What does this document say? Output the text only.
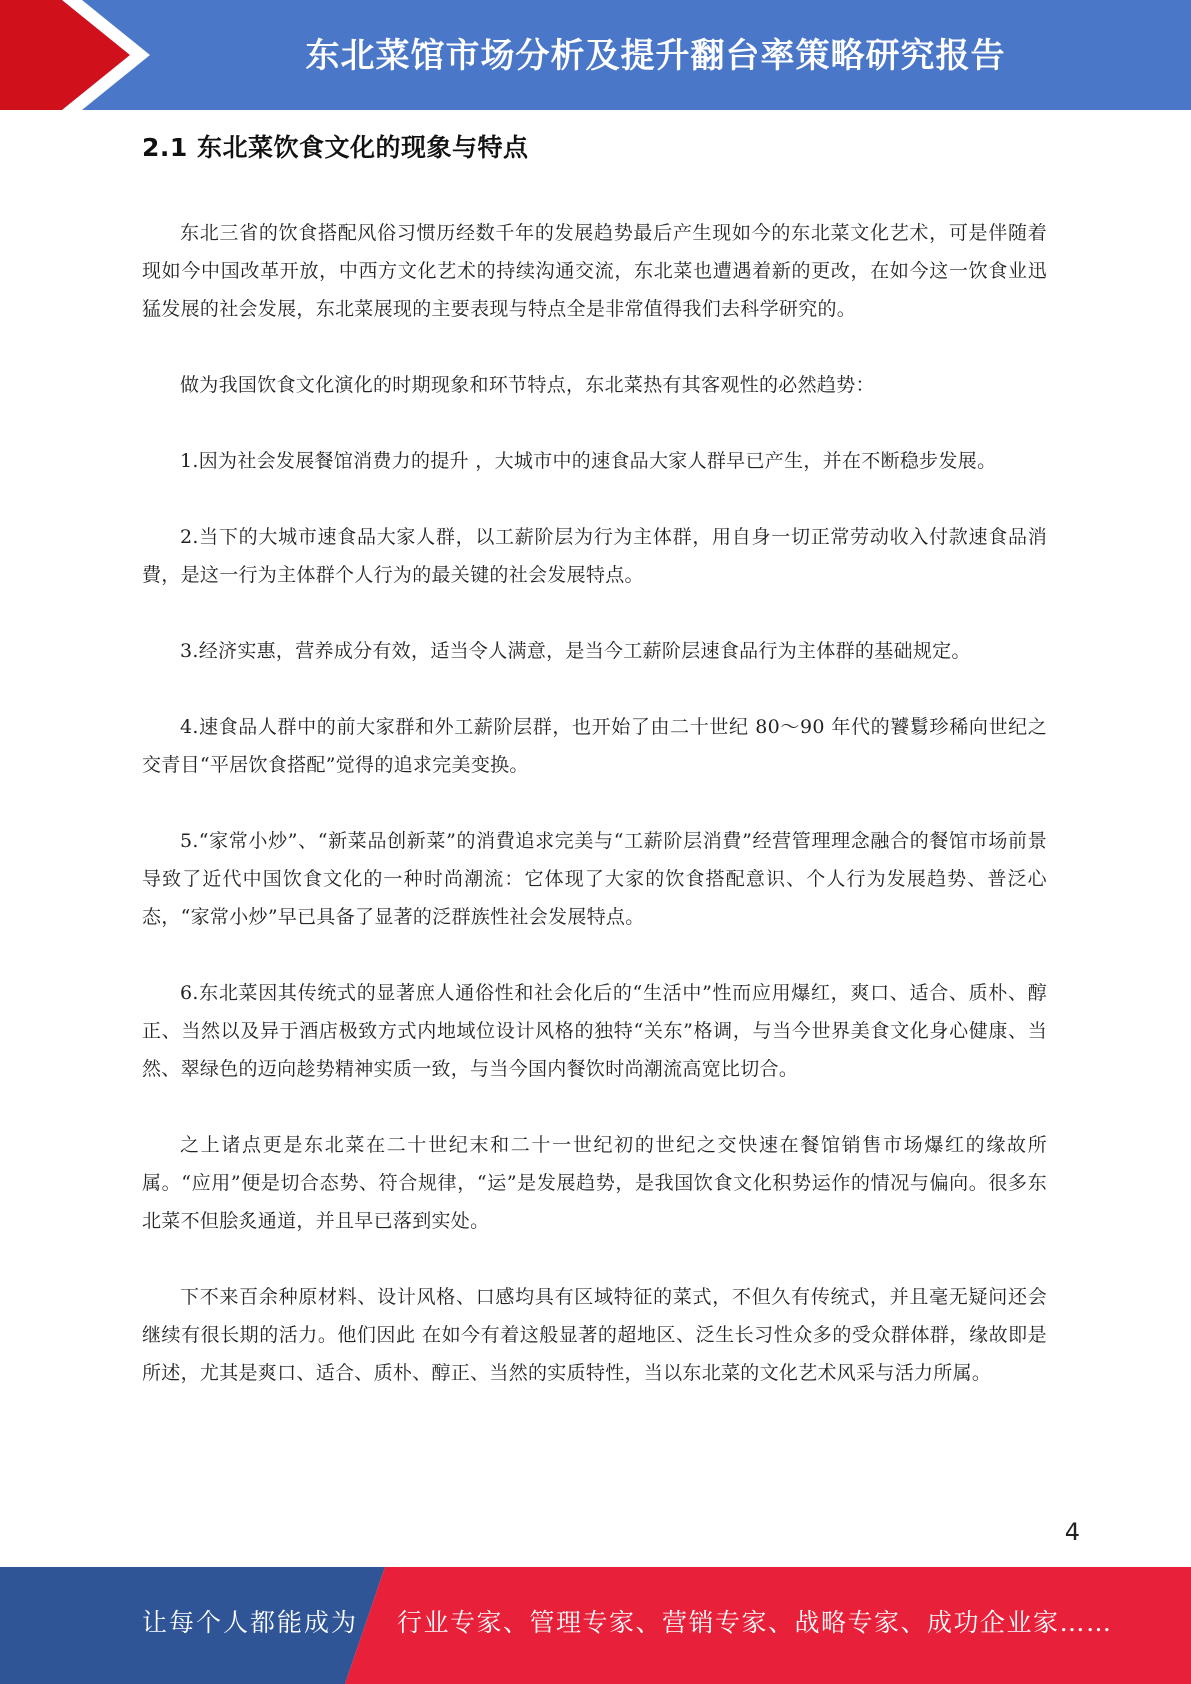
东北菜馆市场分析及提升翻台率策略研究报告
2.1 东北菜饮食文化的现象与特点

东北三省的饮食搭配风俗习惯历经数千年的发展趋势最后产生现如今的东北菜文化艺术，可是伴随着现如今中国改革开放，中西方文化艺术的持续沟通交流，东北菜也遭遇着新的更改，在如今这一饮食业迅猛发展的社会发展，东北菜展现的主要表现与特点全是非常值得我们去科学研究的。

做为我国饮食文化演化的时期现象和环节特点，东北菜热有其客观性的必然趋势：

1.因为社会发展餐馆消费力的提升 ，大城市中的速食品大家人群早已产生，并在不断稳步发展。

2.当下的大城市速食品大家人群，以工薪阶层为行为主体群，用自身一切正常劳动收入付款速食品消費，是这一行为主体群个人行为的最关键的社会发展特点。

3.经济实惠，营养成分有效，适当令人满意，是当今工薪阶层速食品行为主体群的基础规定。

4.速食品人群中的前大家群和外工薪阶层群，也开始了由二十世纪 80～90 年代的饕鬄珍稀向世纪之交青目“平居饮食搭配”觉得的追求完美变换。

5.“家常小炒”、“新菜品创新菜”的消費追求完美与“工薪阶层消費”经营管理理念融合的餐馆市场前景导致了近代中国饮食文化的一种时尚潮流：它体现了大家的饮食搭配意识、个人行为发展趋势、普泛心态，“家常小炒”早已具备了显著的泛群族性社会发展特点。

6.东北菜因其传统式的显著庶人通俗性和社会化后的“生活中”性而应用爆红，爽口、适合、质朴、醇正、当然以及异于酒店极致方式内地域位设计风格的独特“关东”格调，与当今世界美食文化身心健康、当然、翠绿色的迈向趁势精神实质一致，与当今国内餐饮时尚潮流高宽比切合。

之上诸点更是东北菜在二十世纪末和二十一世纪初的世纪之交快速在餐馆销售市场爆红的缘故所属。“应用”便是切合态势、符合规律，“运”是发展趋势，是我国饮食文化积势运作的情况与偏向。很多东北菜不但脍炙通道，并且早已落到实处。

下不来百余种原材料、设计风格、口感均具有区域特征的菜式，不但久有传统式，并且毫无疑问还会继续有很长期的活力。他们因此 在如今有着这般显著的超地区、泛生长习性众多的受众群体群，缘故即是所述，尤其是爽口、适合、质朴、醇正、当然的实质特性，当以东北菜的文化艺术风采与活力所属。

4
让每个人都能成为 行业专家、管理专家、营销专家、战略专家、成功企业家……
